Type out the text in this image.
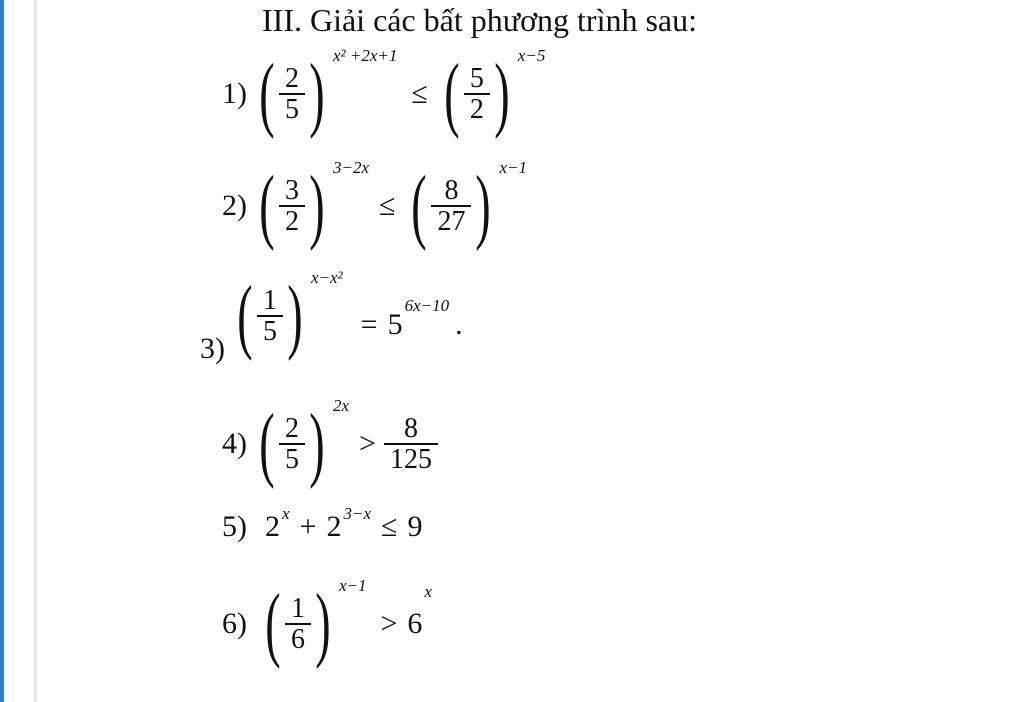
III. Giải các bất phương trình sau:
1) ( $\frac{2}{5}$ ) x² +2x+1
≤ ( $\frac{5}{2}$ ) x−5
2) ( $\frac{3}{2}$ ) 3−2x
≤ ( $\frac{8}{27}$ ) x−1
3) ( $\frac{1}{5}$ ) x−x²
= 5
6x−10
.
4) ( $\frac{2}{5}$ ) 2x
> $\frac{8}{125}$
5) 2 x + 2 3−x ≤ 9
6) ( $\frac{1}{6}$ ) x−1
> 6
x
